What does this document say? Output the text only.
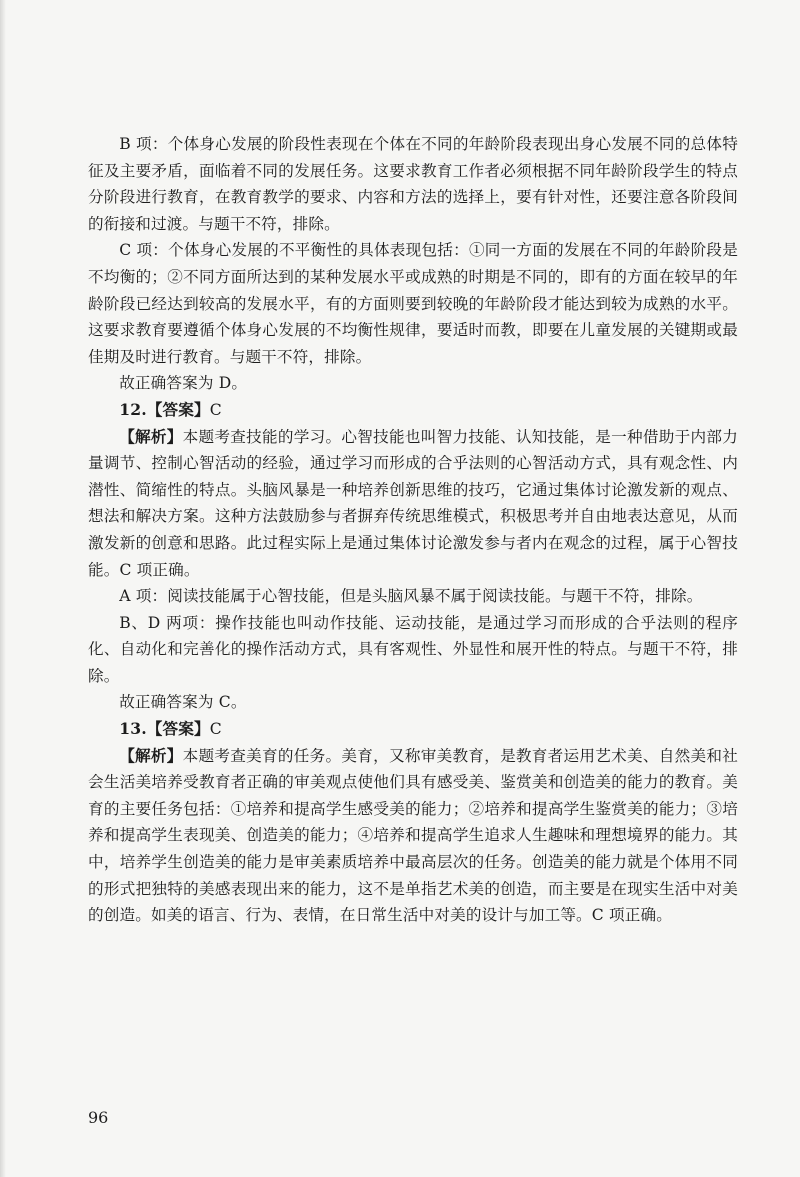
B 项：个体身心发展的阶段性表现在个体在不同的年龄阶段表现出身心发展不同的总体特征及主要矛盾，面临着不同的发展任务。这要求教育工作者必须根据不同年龄阶段学生的特点分阶段进行教育，在教育教学的要求、内容和方法的选择上，要有针对性，还要注意各阶段间的衔接和过渡。与题干不符，排除。

C 项：个体身心发展的不平衡性的具体表现包括：①同一方面的发展在不同的年龄阶段是不均衡的；②不同方面所达到的某种发展水平或成熟的时期是不同的，即有的方面在较早的年龄阶段已经达到较高的发展水平，有的方面则要到较晚的年龄阶段才能达到较为成熟的水平。这要求教育要遵循个体身心发展的不均衡性规律，要适时而教，即要在儿童发展的关键期或最佳期及时进行教育。与题干不符，排除。

故正确答案为 D。

12.【答案】C

【解析】本题考查技能的学习。心智技能也叫智力技能、认知技能，是一种借助于内部力量调节、控制心智活动的经验，通过学习而形成的合乎法则的心智活动方式，具有观念性、内潜性、简缩性的特点。头脑风暴是一种培养创新思维的技巧，它通过集体讨论激发新的观点、想法和解决方案。这种方法鼓励参与者摒弃传统思维模式，积极思考并自由地表达意见，从而激发新的创意和思路。此过程实际上是通过集体讨论激发参与者内在观念的过程，属于心智技能。C 项正确。

A 项：阅读技能属于心智技能，但是头脑风暴不属于阅读技能。与题干不符，排除。

B、D 两项：操作技能也叫动作技能、运动技能，是通过学习而形成的合乎法则的程序化、自动化和完善化的操作活动方式，具有客观性、外显性和展开性的特点。与题干不符，排除。

故正确答案为 C。

13.【答案】C

【解析】本题考查美育的任务。美育，又称审美教育，是教育者运用艺术美、自然美和社会生活美培养受教育者正确的审美观点使他们具有感受美、鉴赏美和创造美的能力的教育。美育的主要任务包括：①培养和提高学生感受美的能力；②培养和提高学生鉴赏美的能力；③培养和提高学生表现美、创造美的能力；④培养和提高学生追求人生趣味和理想境界的能力。其中，培养学生创造美的能力是审美素质培养中最高层次的任务。创造美的能力就是个体用不同的形式把独特的美感表现出来的能力，这不是单指艺术美的创造，而主要是在现实生活中对美的创造。如美的语言、行为、表情，在日常生活中对美的设计与加工等。C 项正确。

96
